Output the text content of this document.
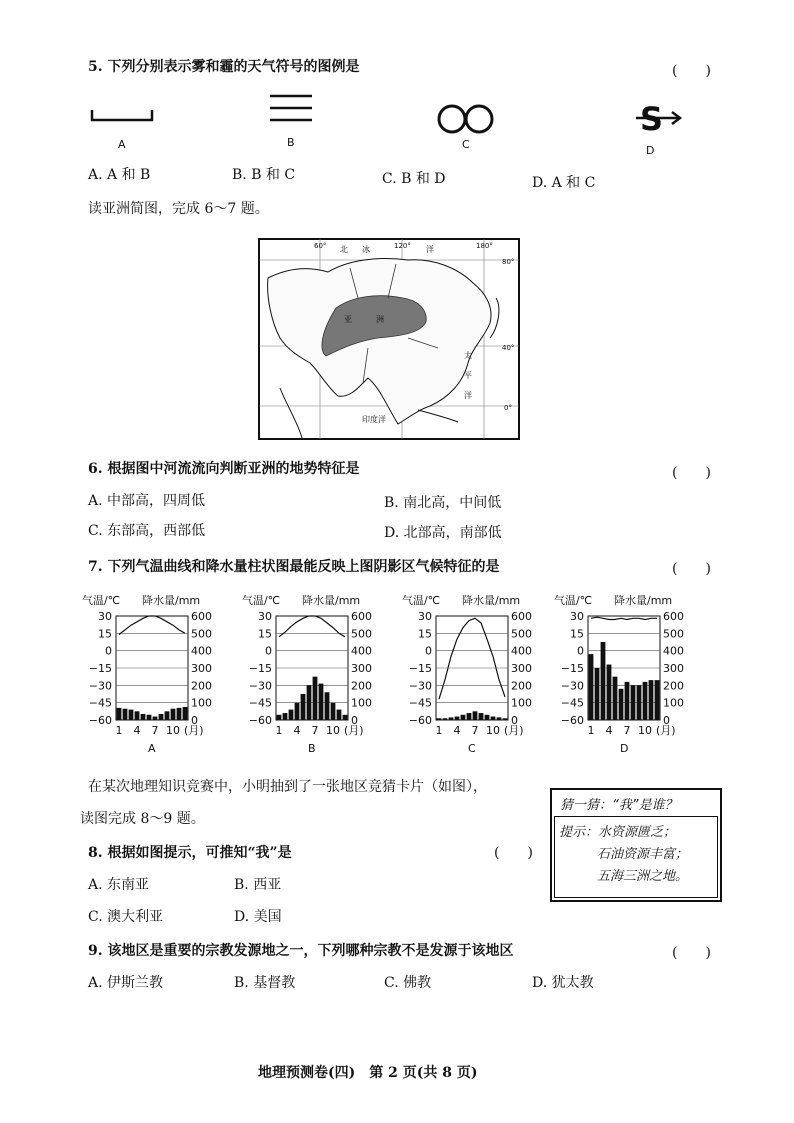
5. 下列分别表示雾和霾的天气符号的图例是	(　　)
S
A	B	C	D
A. A 和 B	B. B 和 C	C. B 和 D	D. A 和 C
读亚洲简图，完成 6～7 题。
60° 北 冰	120° 洋	180°
80°
40°
0°
亚	洲
太
平
洋
印度洋
6. 根据图中河流流向判断亚洲的地势特征是	(　　)
A. 中部高，四周低	B. 南北高，中间低
C. 东部高，西部低	D. 北部高，南部低
7. 下列气温曲线和降水量柱状图最能反映上图阴影区气候特征的是	(　　)
气温/℃ 降水量/mm
30
15
0
−15
−30
−45
−60
600
500
400
300
200
100
0
1 4 7 10 (月)
A
气温/℃ 降水量/mm
30
15
0
−15
−30
−45
−60
600
500
400
300
200
100
0
1 4 7 10 (月)
B
气温/℃ 降水量/mm
30
15
0
−15
−30
−45
−60
600
500
400
300
200
100
0
1 4 7 10 (月)
C
气温/℃ 降水量/mm
30
15
0
−15
−30
−45
−60
600
500
400
300
200
100
0
1 4 7 10 (月)
D
在某次地理知识竞赛中，小明抽到了一张地区竞猜卡片（如图），
读图完成 8～9 题。
猜一猜：“我”是谁？
提示：水资源匮乏；
石油资源丰富；
五海三洲之地。
8. 根据如图提示，可推知“我”是	(　　)
A. 东南亚	B. 西亚
C. 澳大利亚	D. 美国
9. 该地区是重要的宗教发源地之一，下列哪种宗教不是发源于该地区	(　　)
A. 伊斯兰教	B. 基督教	C. 佛教	D. 犹太教
地理预测卷(四)　第 2 页(共 8 页)
